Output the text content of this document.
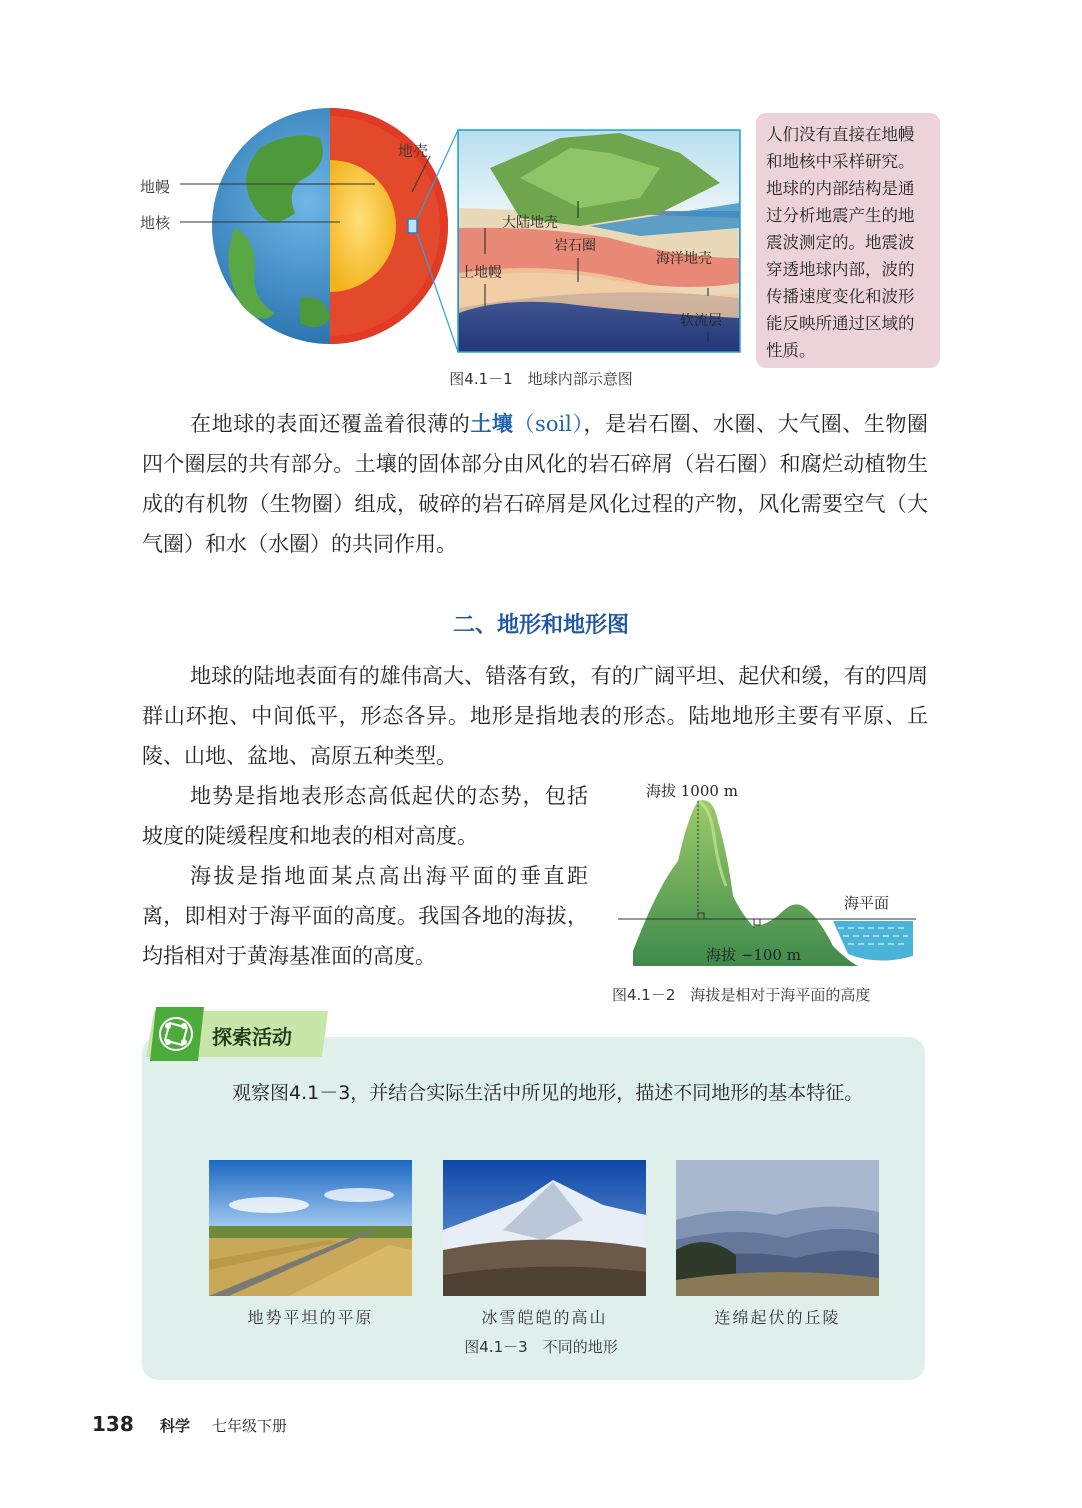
地壳
地幔
地核	大陆地壳
岩石圈
海洋地壳
上地幔
软流层
人们没有直接在地幔和地核中采样研究。地球的内部结构是通过分析地震产生的地震波测定的。地震波穿透地球内部，波的传播速度变化和波形能反映所通过区域的性质。
图4.1－1　地球内部示意图

在地球的表面还覆盖着很薄的土壤（soil），是岩石圈、水圈、大气圈、生物圈四个圈层的共有部分。土壤的固体部分由风化的岩石碎屑（岩石圈）和腐烂动植物生成的有机物（生物圈）组成，破碎的岩石碎屑是风化过程的产物，风化需要空气（大气圈）和水（水圈）的共同作用。

二、地形和地形图

地球的陆地表面有的雄伟高大、错落有致，有的广阔平坦、起伏和缓，有的四周群山环抱、中间低平，形态各异。地形是指地表的形态。陆地地形主要有平原、丘陵、山地、盆地、高原五种类型。

地势是指地表形态高低起伏的态势，包括坡度的陡缓程度和地表的相对高度。

海拔是指地面某点高出海平面的垂直距离，即相对于海平面的高度。我国各地的海拔，均指相对于黄海基准面的高度。

海拔 1000 m
海平面
海拔 −100 m
图4.1－2　海拔是相对于海平面的高度
探索活动
观察图4.1－3，并结合实际生活中所见的地形，描述不同地形的基本特征。
地势平坦的平原	冰雪皑皑的高山	连绵起伏的丘陵
图4.1－3　不同的地形
138 科学 七年级下册
